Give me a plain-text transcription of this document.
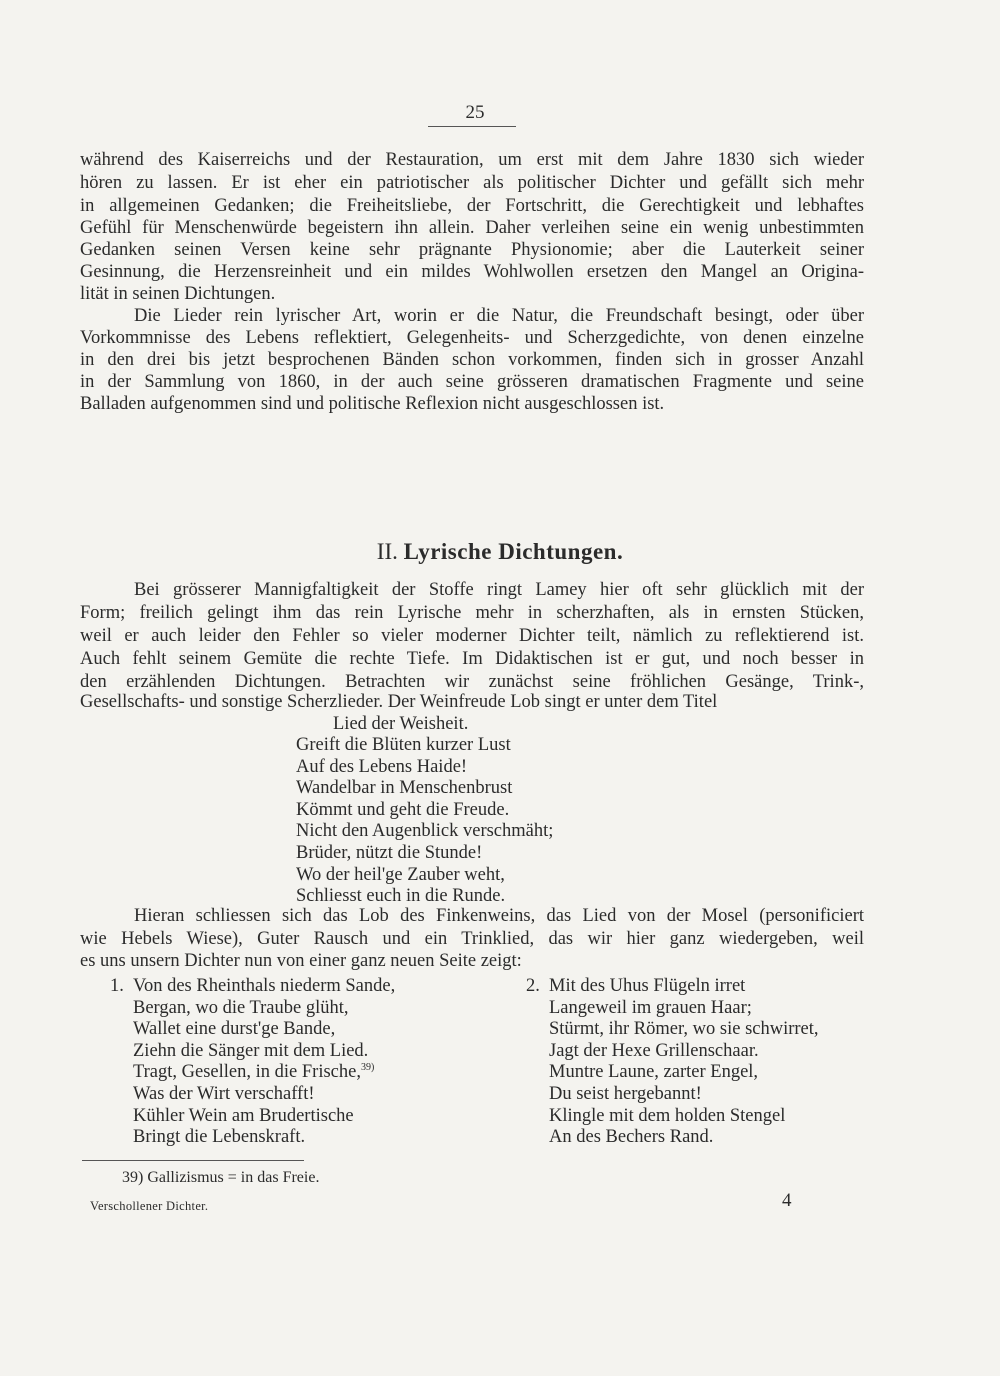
25
während des Kaiserreichs und der Restauration, um erst mit dem Jahre 1830 sich wieder
hören zu lassen. Er ist eher ein patriotischer als politischer Dichter und gefällt sich mehr
in allgemeinen Gedanken; die Freiheitsliebe, der Fortschritt, die Gerechtigkeit und lebhaftes
Gefühl für Menschenwürde begeistern ihn allein. Daher verleihen seine ein wenig unbestimmten
Gedanken seinen Versen keine sehr prägnante Physionomie; aber die Lauterkeit seiner
Gesinnung, die Herzensreinheit und ein mildes Wohlwollen ersetzen den Mangel an Origina-
lität in seinen Dichtungen.
Die Lieder rein lyrischer Art, worin er die Natur, die Freundschaft besingt, oder über
Vorkommnisse des Lebens reflektiert, Gelegenheits- und Scherzgedichte, von denen einzelne
in den drei bis jetzt besprochenen Bänden schon vorkommen, finden sich in grosser Anzahl
in der Sammlung von 1860, in der auch seine grösseren dramatischen Fragmente und seine
Balladen aufgenommen sind und politische Reflexion nicht ausgeschlossen ist.
II. Lyrische Dichtungen.
Bei grösserer Mannigfaltigkeit der Stoffe ringt Lamey hier oft sehr glücklich mit der
Form; freilich gelingt ihm das rein Lyrische mehr in scherzhaften, als in ernsten Stücken,
weil er auch leider den Fehler so vieler moderner Dichter teilt, nämlich zu reflektierend ist.
Auch fehlt seinem Gemüte die rechte Tiefe. Im Didaktischen ist er gut, und noch besser in
den erzählenden Dichtungen. Betrachten wir zunächst seine fröhlichen Gesänge, Trink-,
Gesellschafts- und sonstige Scherzlieder. Der Weinfreude Lob singt er unter dem Titel
Lied der Weisheit.
Greift die Blüten kurzer Lust
Auf des Lebens Haide!
Wandelbar in Menschenbrust
Kömmt und geht die Freude.
Nicht den Augenblick verschmäht;
Brüder, nützt die Stunde!
Wo der heil'ge Zauber weht,
Schliesst euch in die Runde.
Hieran schliessen sich das Lob des Finkenweins, das Lied von der Mosel (personificiert
wie Hebels Wiese), Guter Rausch und ein Trinklied, das wir hier ganz wiedergeben, weil
es uns unsern Dichter nun von einer ganz neuen Seite zeigt:
1. Von des Rheinthals niederm Sande,
Bergan, wo die Traube glüht,
Wallet eine durst'ge Bande,
Ziehn die Sänger mit dem Lied.
Tragt, Gesellen, in die Frische,$^{39)}$
Was der Wirt verschafft!
Kühler Wein am Brudertische
Bringt die Lebenskraft.
2. Mit des Uhus Flügeln irret
Langeweil im grauen Haar;
Stürmt, ihr Römer, wo sie schwirret,
Jagt der Hexe Grillenschaar.
Muntre Laune, zarter Engel,
Du seist hergebannt!
Klingle mit dem holden Stengel
An des Bechers Rand.
39) Gallizismus = in das Freie.
Verschollener Dichter.	4
